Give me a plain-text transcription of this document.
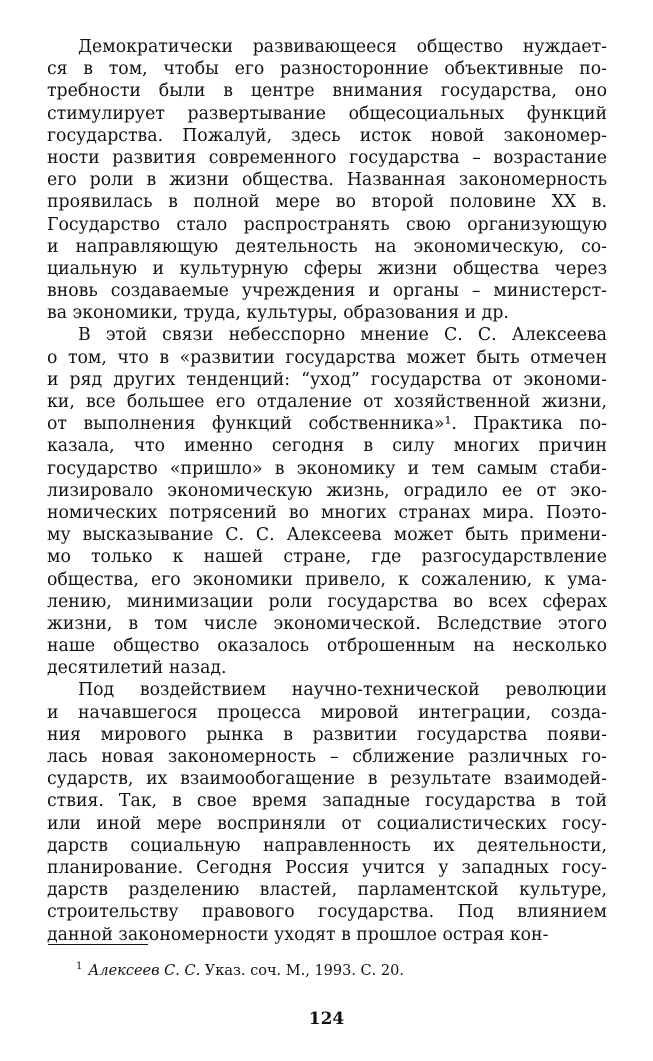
Демократически развивающееся общество нуждает-
ся в том, чтобы его разносторонние объективные по-
требности были в центре внимания государства, оно
стимулирует развертывание общесоциальных функций
государства. Пожалуй, здесь исток новой закономер-
ности развития современного государства – возрастание
его роли в жизни общества. Названная закономерность
проявилась в полной мере во второй половине XX в.
Государство стало распространять свою организующую
и направляющую деятельность на экономическую, со-
циальную и культурную сферы жизни общества через
вновь создаваемые учреждения и органы – министерст-
ва экономики, труда, культуры, образования и др.
В этой связи небесспорно мнение С. С. Алексеева
о том, что в «развитии государства может быть отмечен
и ряд других тенденций: “уход” государства от экономи-
ки, все большее его отдаление от хозяйственной жизни,
от выполнения функций собственника»¹. Практика по-
казала, что именно сегодня в силу многих причин
государство «пришло» в экономику и тем самым стаби-
лизировало экономическую жизнь, оградило ее от эко-
номических потрясений во многих странах мира. Поэто-
му высказывание С. С. Алексеева может быть примени-
мо только к нашей стране, где разгосударствление
общества, его экономики привело, к сожалению, к ума-
лению, минимизации роли государства во всех сферах
жизни, в том числе экономической. Вследствие этого
наше общество оказалось отброшенным на несколько
десятилетий назад.
Под воздействием научно-технической революции
и начавшегося процесса мировой интеграции, созда-
ния мирового рынка в развитии государства появи-
лась новая закономерность – сближение различных го-
сударств, их взаимообогащение в результате взаимодей-
ствия. Так, в свое время западные государства в той
или иной мере восприняли от социалистических госу-
дарств социальную направленность их деятельности,
планирование. Сегодня Россия учится у западных госу-
дарств разделению властей, парламентской культуре,
строительству правового государства. Под влиянием
данной закономерности уходят в прошлое острая кон-
$^1$ Алексеев С. С. Указ. соч. М., 1993. С. 20.
124
